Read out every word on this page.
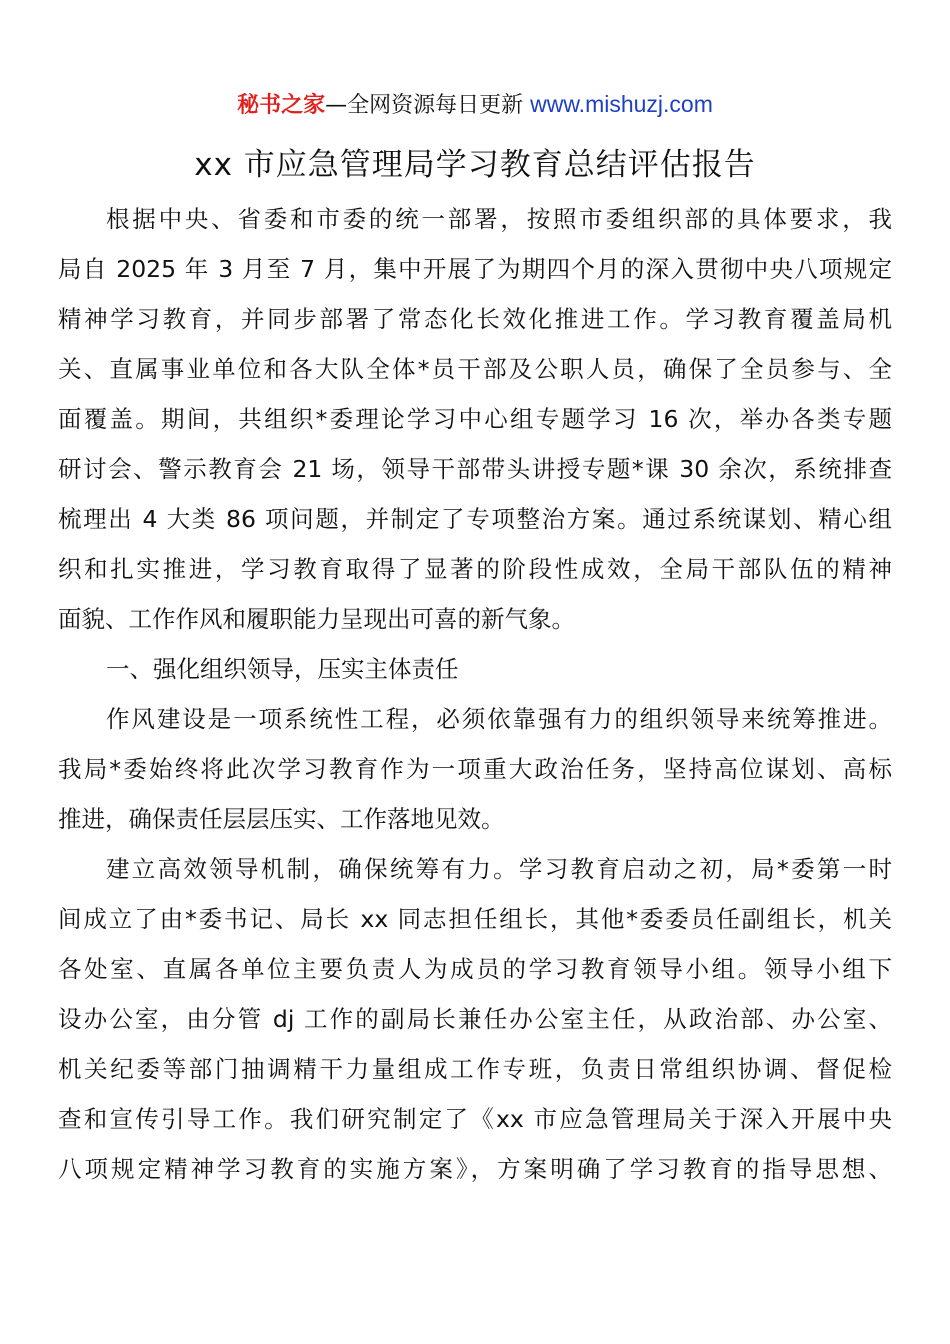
秘书之家—全网资源每日更新 www.mishuzj.com
xx 市应急管理局学习教育总结评估报告
根据中央、省委和市委的统一部署，按照市委组织部的具体要求，我
局自 2025 年 3 月至 7 月，集中开展了为期四个月的深入贯彻中央八项规定
精神学习教育，并同步部署了常态化长效化推进工作。学习教育覆盖局机
关、直属事业单位和各大队全体*员干部及公职人员，确保了全员参与、全
面覆盖。期间，共组织*委理论学习中心组专题学习 16 次，举办各类专题
研讨会、警示教育会 21 场，领导干部带头讲授专题*课 30 余次，系统排查
梳理出 4 大类 86 项问题，并制定了专项整治方案。通过系统谋划、精心组
织和扎实推进，学习教育取得了显著的阶段性成效，全局干部队伍的精神
面貌、工作作风和履职能力呈现出可喜的新气象。
一、强化组织领导，压实主体责任
作风建设是一项系统性工程，必须依靠强有力的组织领导来统筹推进。
我局*委始终将此次学习教育作为一项重大政治任务，坚持高位谋划、高标
推进，确保责任层层压实、工作落地见效。
建立高效领导机制，确保统筹有力。学习教育启动之初，局*委第一时
间成立了由*委书记、局长 xx 同志担任组长，其他*委委员任副组长，机关
各处室、直属各单位主要负责人为成员的学习教育领导小组。领导小组下
设办公室，由分管 dj 工作的副局长兼任办公室主任，从政治部、办公室、
机关纪委等部门抽调精干力量组成工作专班，负责日常组织协调、督促检
查和宣传引导工作。我们研究制定了《xx 市应急管理局关于深入开展中央
八项规定精神学习教育的实施方案》，方案明确了学习教育的指导思想、
